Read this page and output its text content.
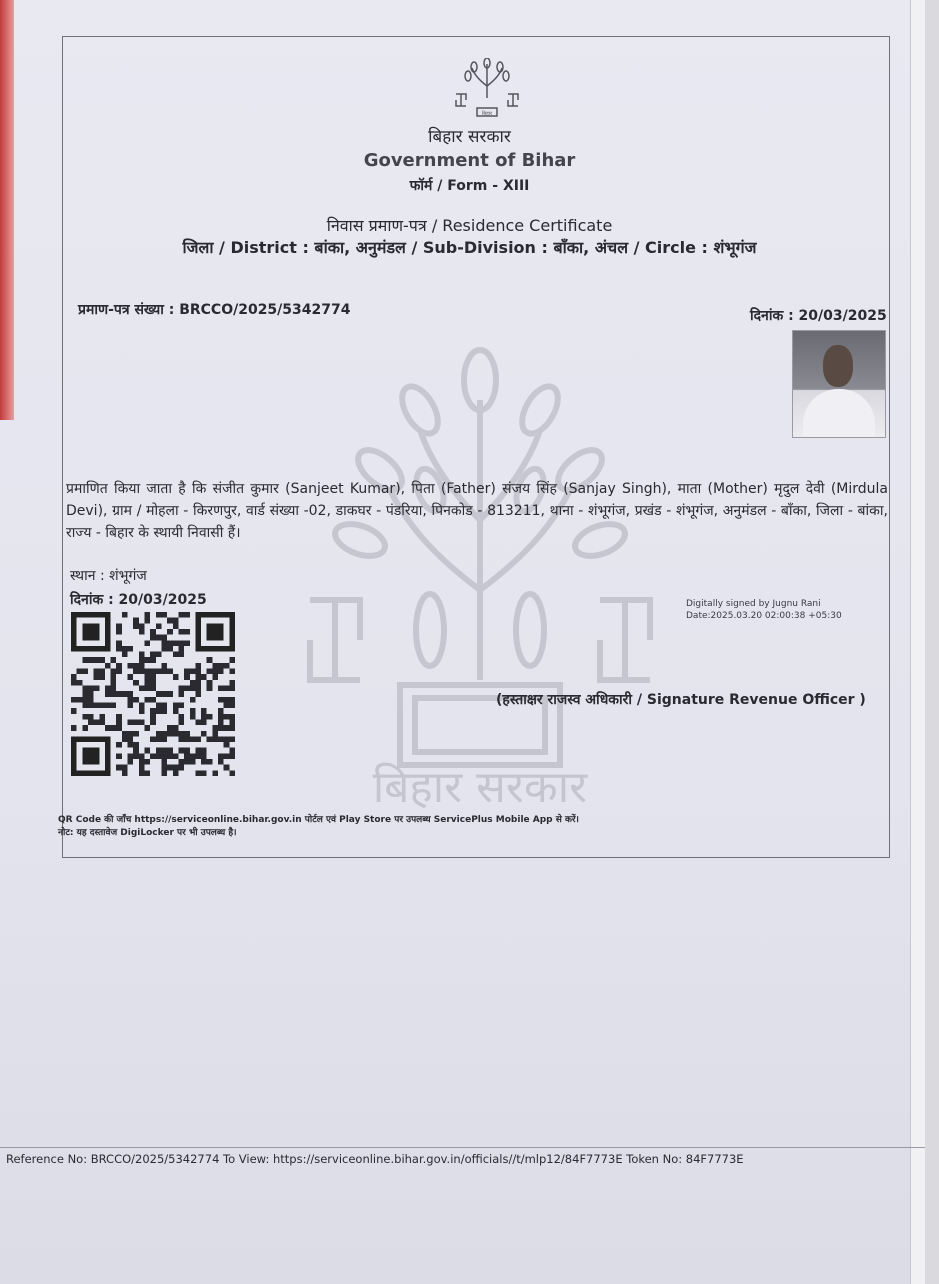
बिहार सरकार
बिहार
बिहार सरकार
Government of Bihar
फॉर्म / Form - XIII
निवास प्रमाण-पत्र / Residence Certificate
जिला / District : बांका, अनुमंडल / Sub-Division : बाँका, अंचल / Circle : शंभूगंज
प्रमाण-पत्र संख्या : BRCCO/2025/5342774	दिनांक : 20/03/2025
प्रमाणित किया जाता है कि संजीत कुमार (Sanjeet Kumar), पिता (Father) संजय सिंह (Sanjay Singh), माता (Mother) मृदुल देवी (Mirdula Devi), ग्राम / मोहला - किरणपुर, वार्ड संख्या -02, डाकघर - पंडरिया, पिनकोड - 813211, थाना - शंभूगंज, प्रखंड - शंभूगंज, अनुमंडल - बाँका, जिला - बांका, राज्य - बिहार के स्थायी निवासी हैं।
स्थान : शंभूगंज
दिनांक : 20/03/2025	Digitally signed by Jugnu Rani
Date:2025.03.20 02:00:38 +05:30
(हस्ताक्षर राजस्व अधिकारी / Signature Revenue Officer )
QR Code की जाँच https://serviceonline.bihar.gov.in पोर्टल एवं Play Store पर उपलब्ध ServicePlus Mobile App से करें।
नोट: यह दस्तावेज DigiLocker पर भी उपलब्ध है।
Reference No: BRCCO/2025/5342774 To View: https://serviceonline.bihar.gov.in/officials//t/mlp12/84F7773E Token No: 84F7773E
